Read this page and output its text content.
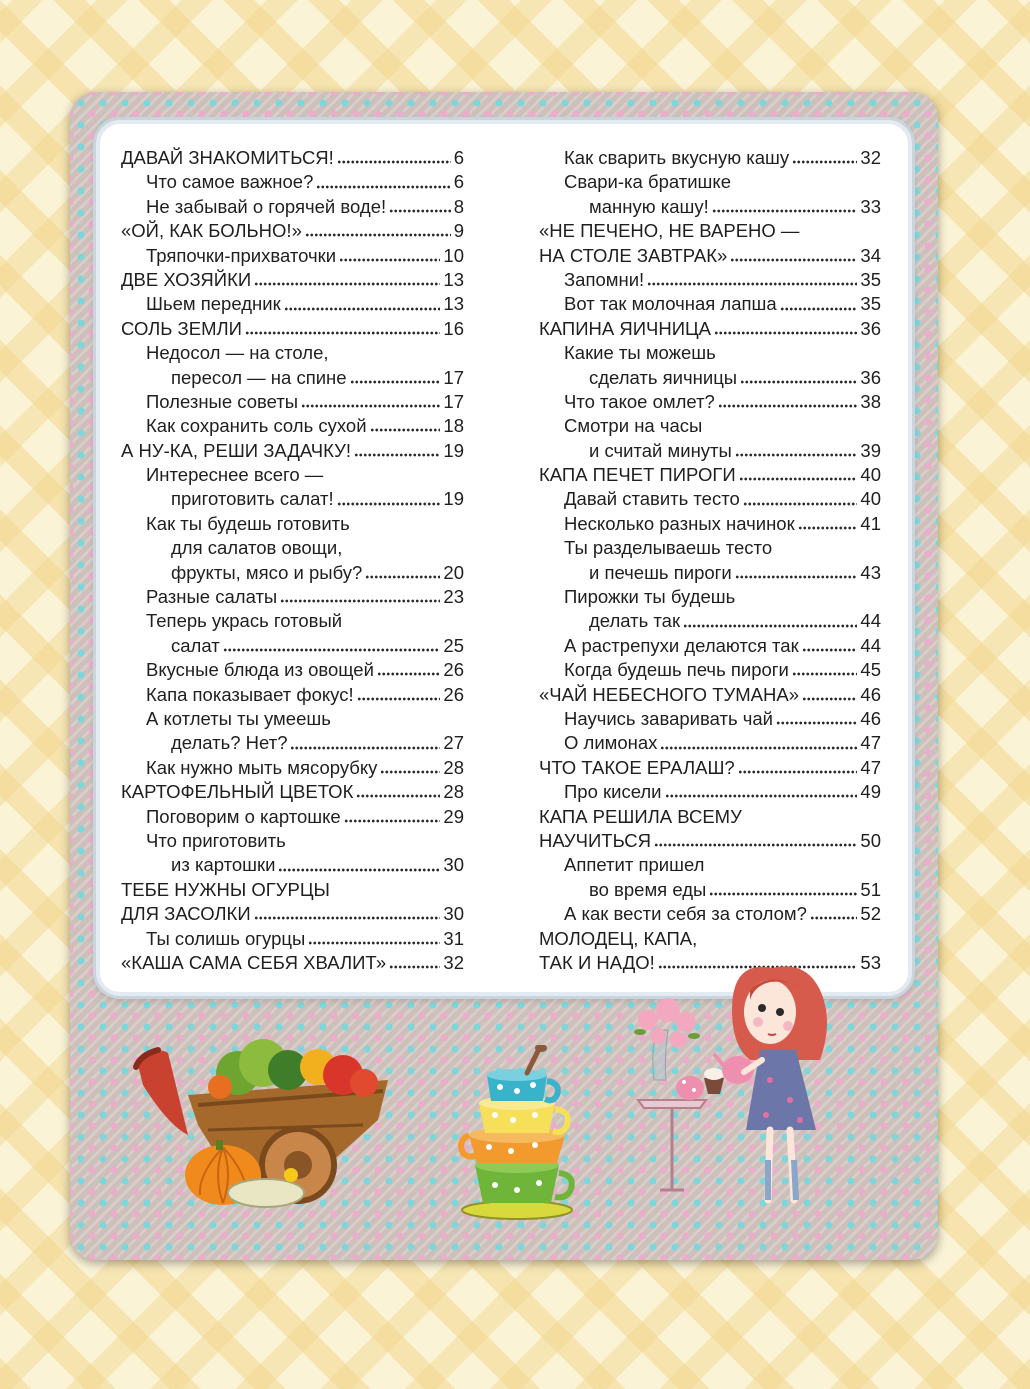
ДАВАЙ ЗНАКОМИТЬСЯ!	6
Что самое важное?	6
Не забывай о горячей воде!	8
«ОЙ, КАК БОЛЬНО!»	9
Тряпочки-прихваточки	10
ДВЕ ХОЗЯЙКИ	13
Шьем передник	13
СОЛЬ ЗЕМЛИ	16
Недосол — на столе,
пересол — на спине	17
Полезные советы	17
Как сохранить соль сухой	18
А НУ-КА, РЕШИ ЗАДАЧКУ!	19
Интереснее всего —
приготовить салат!	19
Как ты будешь готовить
для салатов овощи,
фрукты, мясо и рыбу?	20
Разные салаты	23
Теперь укрась готовый
салат	25
Вкусные блюда из овощей	26
Капа показывает фокус!	26
А котлеты ты умеешь
делать? Нет?	27
Как нужно мыть мясорубку	28
КАРТОФЕЛЬНЫЙ ЦВЕТОК	28
Поговорим о картошке	29
Что приготовить
из картошки	30
ТЕБЕ НУЖНЫ ОГУРЦЫ
ДЛЯ ЗАСОЛКИ	30
Ты солишь огурцы	31
«КАША САМА СЕБЯ ХВАЛИТ»	32
Как сварить вкусную кашу	32
Свари-ка братишке
манную кашу!	33
«НЕ ПЕЧЕНО, НЕ ВАРЕНО —
НА СТОЛЕ ЗАВТРАК»	34
Запомни!	35
Вот так молочная лапша	35
КАПИНА ЯИЧНИЦА	36
Какие ты можешь
сделать яичницы	36
Что такое омлет?	38
Смотри на часы
и считай минуты	39
КАПА ПЕЧЕТ ПИРОГИ	40
Давай ставить тесто	40
Несколько разных начинок	41
Ты разделываешь тесто
и печешь пироги	43
Пирожки ты будешь
делать так	44
А растрепухи делаются так	44
Когда будешь печь пироги	45
«ЧАЙ НЕБЕСНОГО ТУМАНА»	46
Научись заваривать чай	46
О лимонах	47
ЧТО ТАКОЕ ЕРАЛАШ?	47
Про кисели	49
КАПА РЕШИЛА ВСЕМУ
НАУЧИТЬСЯ	50
Аппетит пришел
во время еды	51
А как вести себя за столом?	52
МОЛОДЕЦ, КАПА,
ТАК И НАДО!	53
